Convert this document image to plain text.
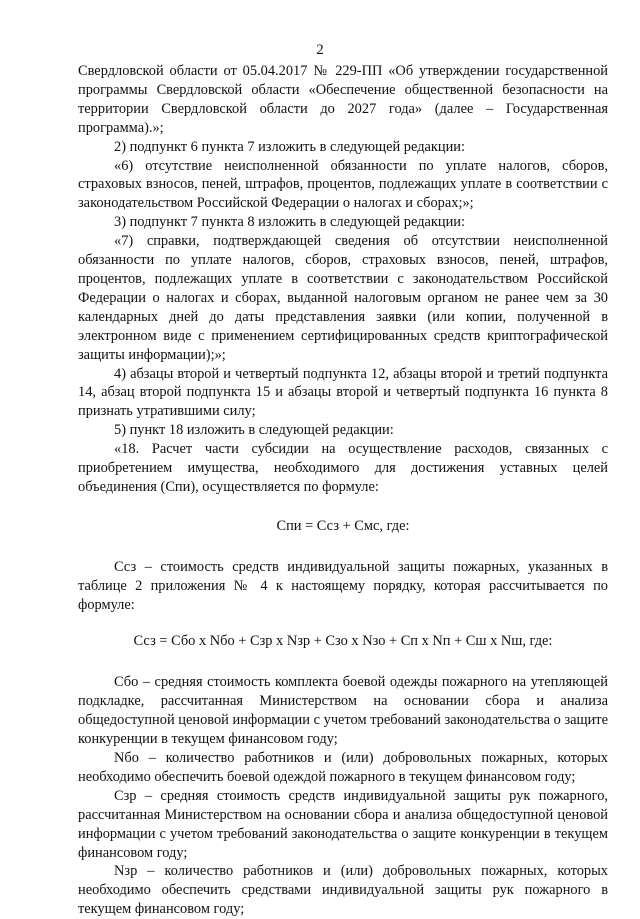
2

Свердловской области от 05.04.2017 № 229-ПП «Об утверждении государственной программы Свердловской области «Обеспечение общественной безопасности на территории Свердловской области до 2027 года» (далее – Государственная программа).»;

2) подпункт 6 пункта 7 изложить в следующей редакции:

«6) отсутствие неисполненной обязанности по уплате налогов, сборов, страховых взносов, пеней, штрафов, процентов, подлежащих уплате в соответствии с законодательством Российской Федерации о налогах и сборах;»;

3) подпункт 7 пункта 8 изложить в следующей редакции:

«7) справки, подтверждающей сведения об отсутствии неисполненной обязанности по уплате налогов, сборов, страховых взносов, пеней, штрафов, процентов, подлежащих уплате в соответствии с законодательством Российской Федерации о налогах и сборах, выданной налоговым органом не ранее чем за 30 календарных дней до даты представления заявки (или копии, полученной в электронном виде с применением сертифицированных средств криптографической защиты информации);»;

4) абзацы второй и четвертый подпункта 12, абзацы второй и третий подпункта 14, абзац второй подпункта 15 и абзацы второй и четвертый подпункта 16 пункта 8 признать утратившими силу;

5) пункт 18 изложить в следующей редакции:

«18. Расчет части субсидии на осуществление расходов, связанных с приобретением имущества, необходимого для достижения уставных целей объединения (Спи), осуществляется по формуле:

Спи = Ссз + Смс, где:

Ссз – стоимость средств индивидуальной защиты пожарных, указанных в таблице 2 приложения № 4 к настоящему порядку, которая рассчитывается по формуле:

Ссз = Сбо х Nбо + Сзр х Nзр + Сзо х Nзо + Сп х Nп + Сш х Nш, где:

Сбо – средняя стоимость комплекта боевой одежды пожарного на утепляющей подкладке, рассчитанная Министерством на основании сбора и анализа общедоступной ценовой информации с учетом требований законодательства о защите конкуренции в текущем финансовом году;

Nбо – количество работников и (или) добровольных пожарных, которых необходимо обеспечить боевой одеждой пожарного в текущем финансовом году;

Сзр – средняя стоимость средств индивидуальной защиты рук пожарного, рассчитанная Министерством на основании сбора и анализа общедоступной ценовой информации с учетом требований законодательства о защите конкуренции в текущем финансовом году;

Nзр – количество работников и (или) добровольных пожарных, которых необходимо обеспечить средствами индивидуальной защиты рук пожарного в текущем финансовом году;
